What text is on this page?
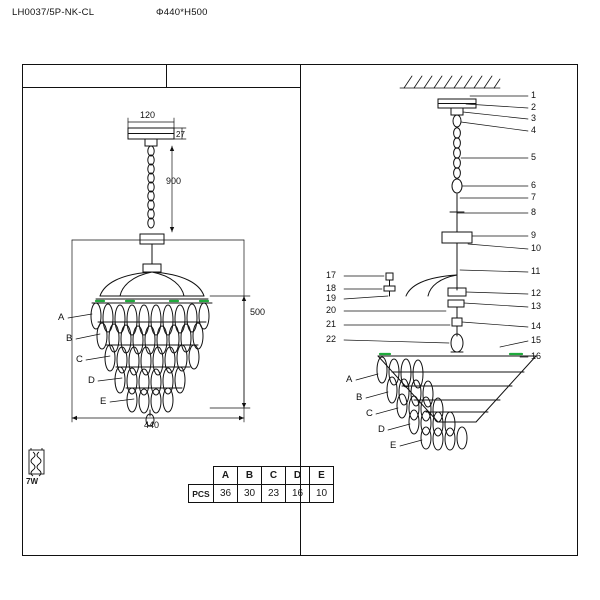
LH0037/5P-NK-CL	Φ440*H500
120
27
900
500
440
A
B
C
D
E
A
B
C
D
E
1
2
3
4
5
6
7
8
9
10
11
12
13
14
15
16
17
18
19
20
21
22
7W
	A	B	C	D	E
PCS	36	30	23	16	10
